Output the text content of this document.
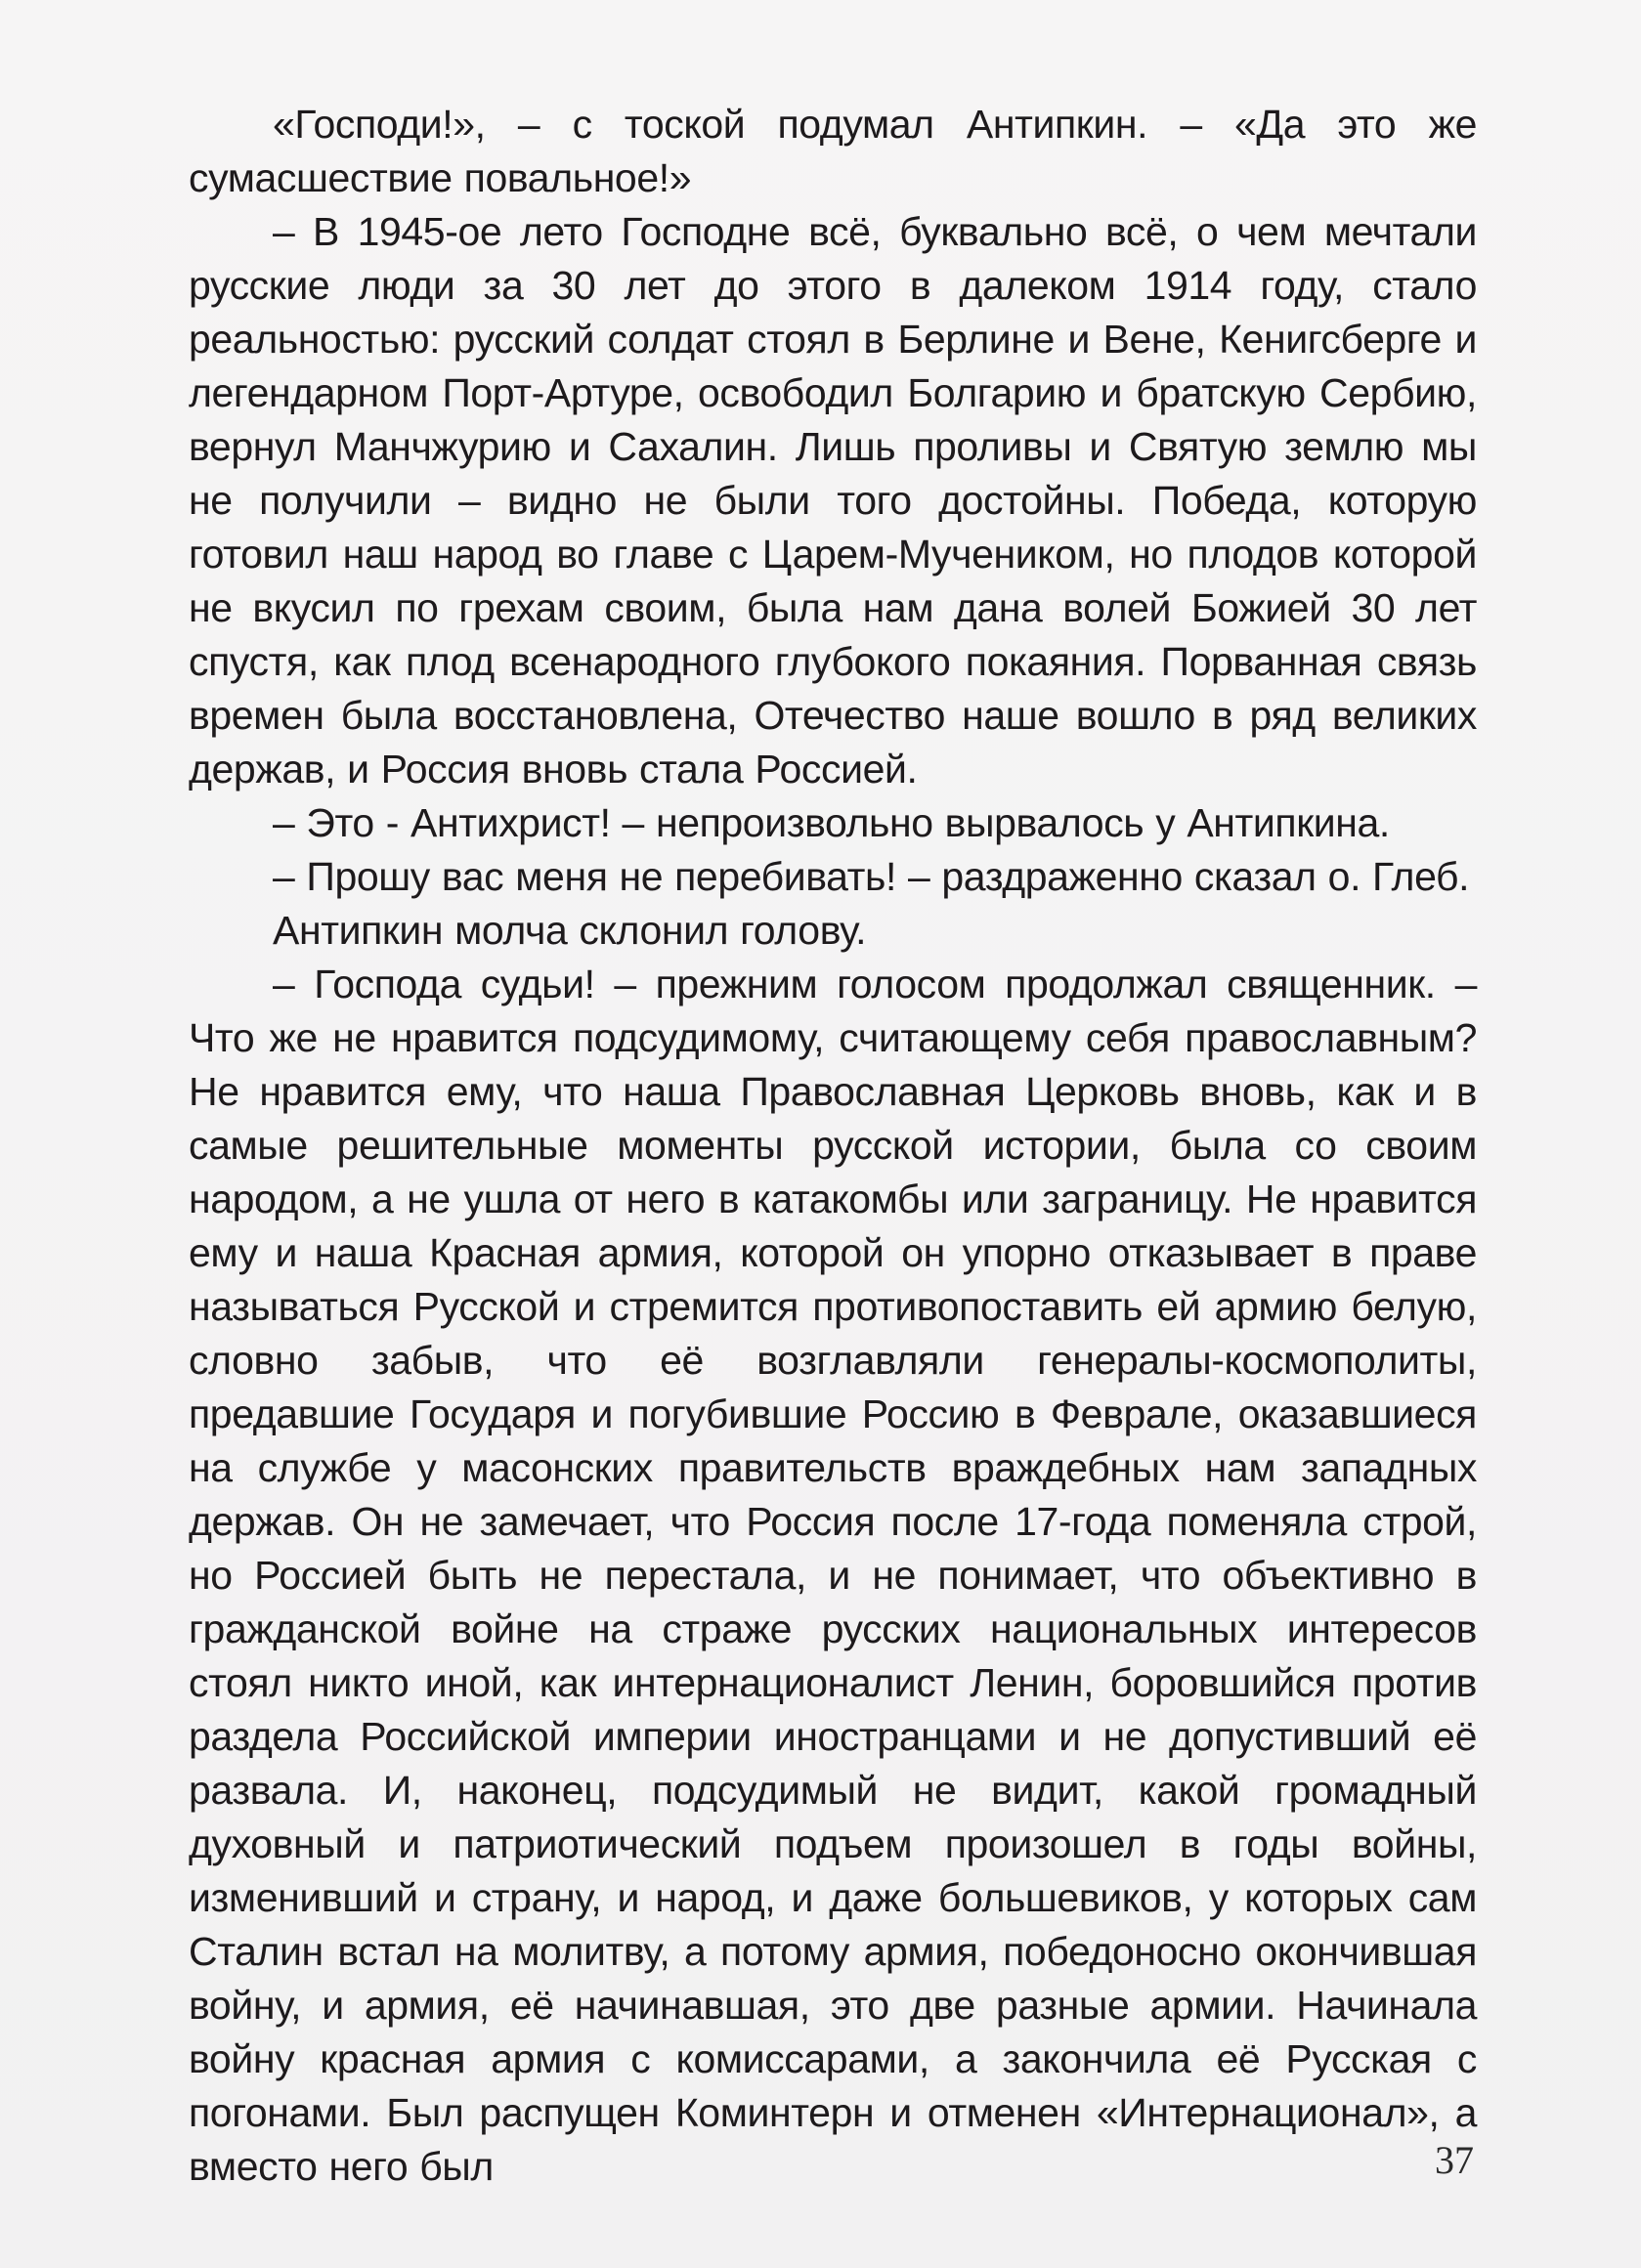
«Господи!», – с тоской подумал Антипкин. – «Да это же сумасшествие повальное!»

– В 1945-ое лето Господне всё, буквально всё, о чем мечтали русские люди за 30 лет до этого в далеком 1914 году, стало реальностью: русский солдат стоял в Берлине и Вене, Кенигсберге и легендарном Порт-Артуре, освободил Болгарию и братскую Сербию, вернул Манчжурию и Сахалин. Лишь проливы и Святую землю мы не получили – видно не были того достойны. Победа, которую готовил наш народ во главе с Царем-Мучеником, но плодов которой не вкусил по грехам своим, была нам дана волей Божией 30 лет спустя, как плод всенародного глубокого покаяния. Порванная связь времен была восстановлена, Отечество наше вошло в ряд великих держав, и Россия вновь стала Россией.

– Это - Антихрист! – непроизвольно вырвалось у Антипкина.

– Прошу вас меня не перебивать! – раздраженно сказал о. Глеб.

Антипкин молча склонил голову.

– Господа судьи! – прежним голосом продолжал священник. – Что же не нравится подсудимому, считающему себя православным? Не нравится ему, что наша Православная Церковь вновь, как и в самые решительные моменты русской истории, была со своим народом, а не ушла от него в катакомбы или заграницу. Не нравится ему и наша Красная армия, которой он упорно отказывает в праве называться Русской и стремится противопоставить ей армию белую, словно забыв, что её возглавляли генералы-космополиты, предавшие Государя и погубившие Россию в Феврале, оказавшиеся на службе у масонских правительств враждебных нам западных держав. Он не замечает, что Россия после 17-года поменяла строй, но Россией быть не перестала, и не понимает, что объективно в гражданской войне на страже русских национальных интересов стоял никто иной, как интернационалист Ленин, боровшийся против раздела Российской империи иностранцами и не допустивший её развала. И, наконец, подсудимый не видит, какой громадный духовный и патриотический подъем произошел в годы войны, изменивший и страну, и народ, и даже большевиков, у которых сам Сталин встал на молитву, а потому армия, победоносно окончившая войну, и армия, её начинавшая, это две разные армии. Начинала войну красная армия с комиссарами, а закончила её Русская с погонами. Был распущен Коминтерн и отменен «Интернационал», а вместо него был	37
